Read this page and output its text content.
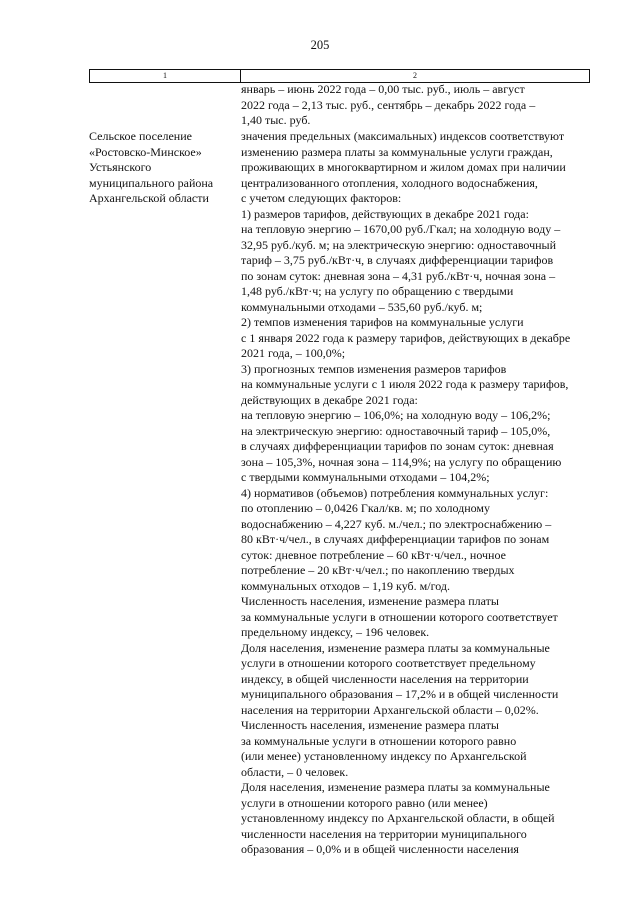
205
1	2
январь – июнь 2022 года – 0,00 тыс. руб., июль – август
2022 года – 2,13 тыс. руб., сентябрь – декабрь 2022 года –
1,40 тыс. руб.
Сельское поселение
«Ростовско-Минское»
Устьянского
муниципального района
Архангельской области
значения предельных (максимальных) индексов соответствуют
изменению размера платы за коммунальные услуги граждан,
проживающих в многоквартирном и жилом домах при наличии
централизованного отопления, холодного водоснабжения,
с учетом следующих факторов:
1) размеров тарифов, действующих в декабре 2021 года:
на тепловую энергию – 1670,00 руб./Гкал; на холодную воду –
32,95 руб./куб. м; на электрическую энергию: одноставочный
тариф – 3,75 руб./кВт·ч, в случаях дифференциации тарифов
по зонам суток: дневная зона – 4,31 руб./кВт·ч, ночная зона –
1,48 руб./кВт·ч; на услугу по обращению с твердыми
коммунальными отходами – 535,60 руб./куб. м;
2) темпов изменения тарифов на коммунальные услуги
с 1 января 2022 года к размеру тарифов, действующих в декабре
2021 года, – 100,0%;
3) прогнозных темпов изменения размеров тарифов
на коммунальные услуги с 1 июля 2022 года к размеру тарифов,
действующих в декабре 2021 года:
на тепловую энергию – 106,0%; на холодную воду – 106,2%;
на электрическую энергию: одноставочный тариф – 105,0%,
в случаях дифференциации тарифов по зонам суток: дневная
зона – 105,3%, ночная зона – 114,9%; на услугу по обращению
с твердыми коммунальными отходами – 104,2%;
4) нормативов (объемов) потребления коммунальных услуг:
по отоплению – 0,0426 Гкал/кв. м; по холодному
водоснабжению – 4,227 куб. м./чел.; по электроснабжению –
80 кВт·ч/чел., в случаях дифференциации тарифов по зонам
суток: дневное потребление – 60 кВт·ч/чел., ночное
потребление – 20 кВт·ч/чел.; по накоплению твердых
коммунальных отходов – 1,19 куб. м/год.
Численность населения, изменение размера платы
за коммунальные услуги в отношении которого соответствует
предельному индексу, – 196 человек.
Доля населения, изменение размера платы за коммунальные
услуги в отношении которого соответствует предельному
индексу, в общей численности населения на территории
муниципального образования – 17,2% и в общей численности
населения на территории Архангельской области – 0,02%.
Численность населения, изменение размера платы
за коммунальные услуги в отношении которого равно
(или менее) установленному индексу по Архангельской
области, – 0 человек.
Доля населения, изменение размера платы за коммунальные
услуги в отношении которого равно (или менее)
установленному индексу по Архангельской области, в общей
численности населения на территории муниципального
образования – 0,0% и в общей численности населения
